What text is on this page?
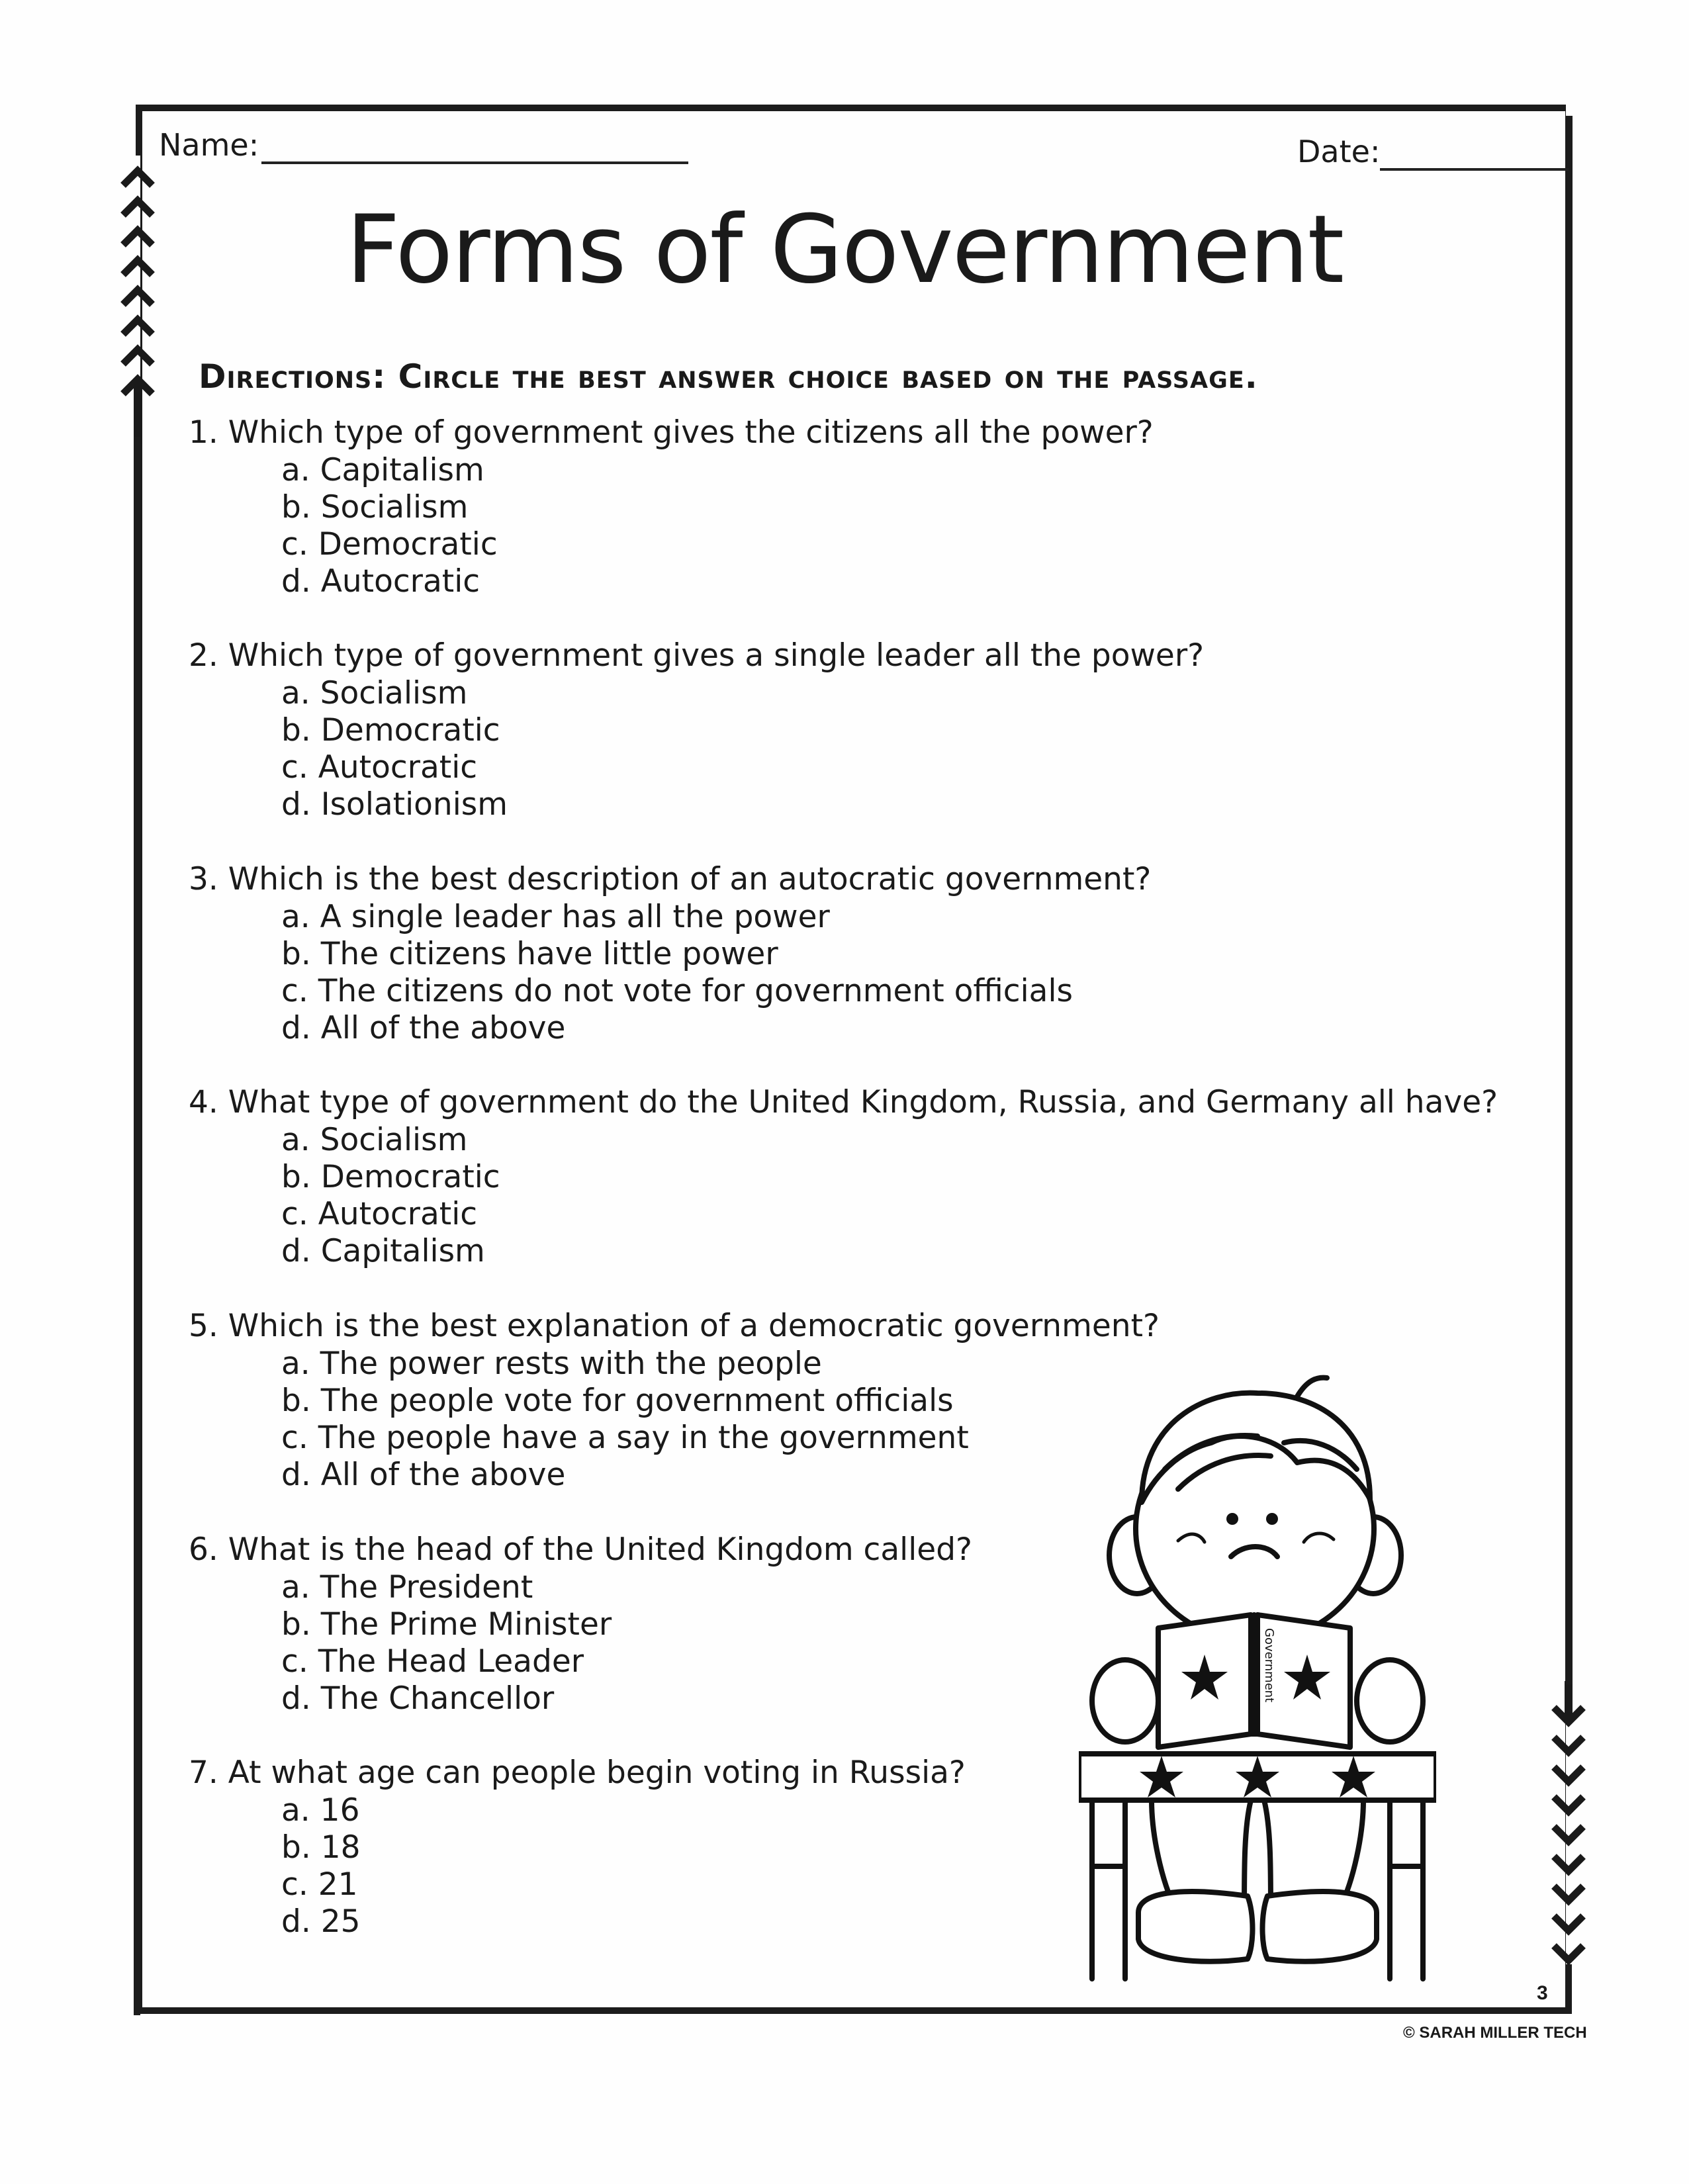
Name:	Date:
Forms of Government
Directions: Circle the best answer choice based on the passage.
1. Which type of government gives the citizens all the power?
a. Capitalism
b. Socialism
c. Democratic
d. Autocratic
2. Which type of government gives a single leader all the power?
a. Socialism
b. Democratic
c. Autocratic
d. Isolationism
3. Which is the best description of an autocratic government?
a. A single leader has all the power
b. The citizens have little power
c. The citizens do not vote for government officials
d. All of the above
4. What type of government do the United Kingdom, Russia, and Germany all have?
a. Socialism
b. Democratic
c. Autocratic
d. Capitalism
5. Which is the best explanation of a democratic government?
a. The power rests with the people
b. The people vote for government officials
c. The people have a say in the government
d. All of the above
6. What is the head of the United Kingdom called?
a. The President
b. The Prime Minister
c. The Head Leader
d. The Chancellor
7. At what age can people begin voting in Russia?
a. 16
b. 18
c. 21
d. 25
Government
3
© SARAH MILLER TECH
